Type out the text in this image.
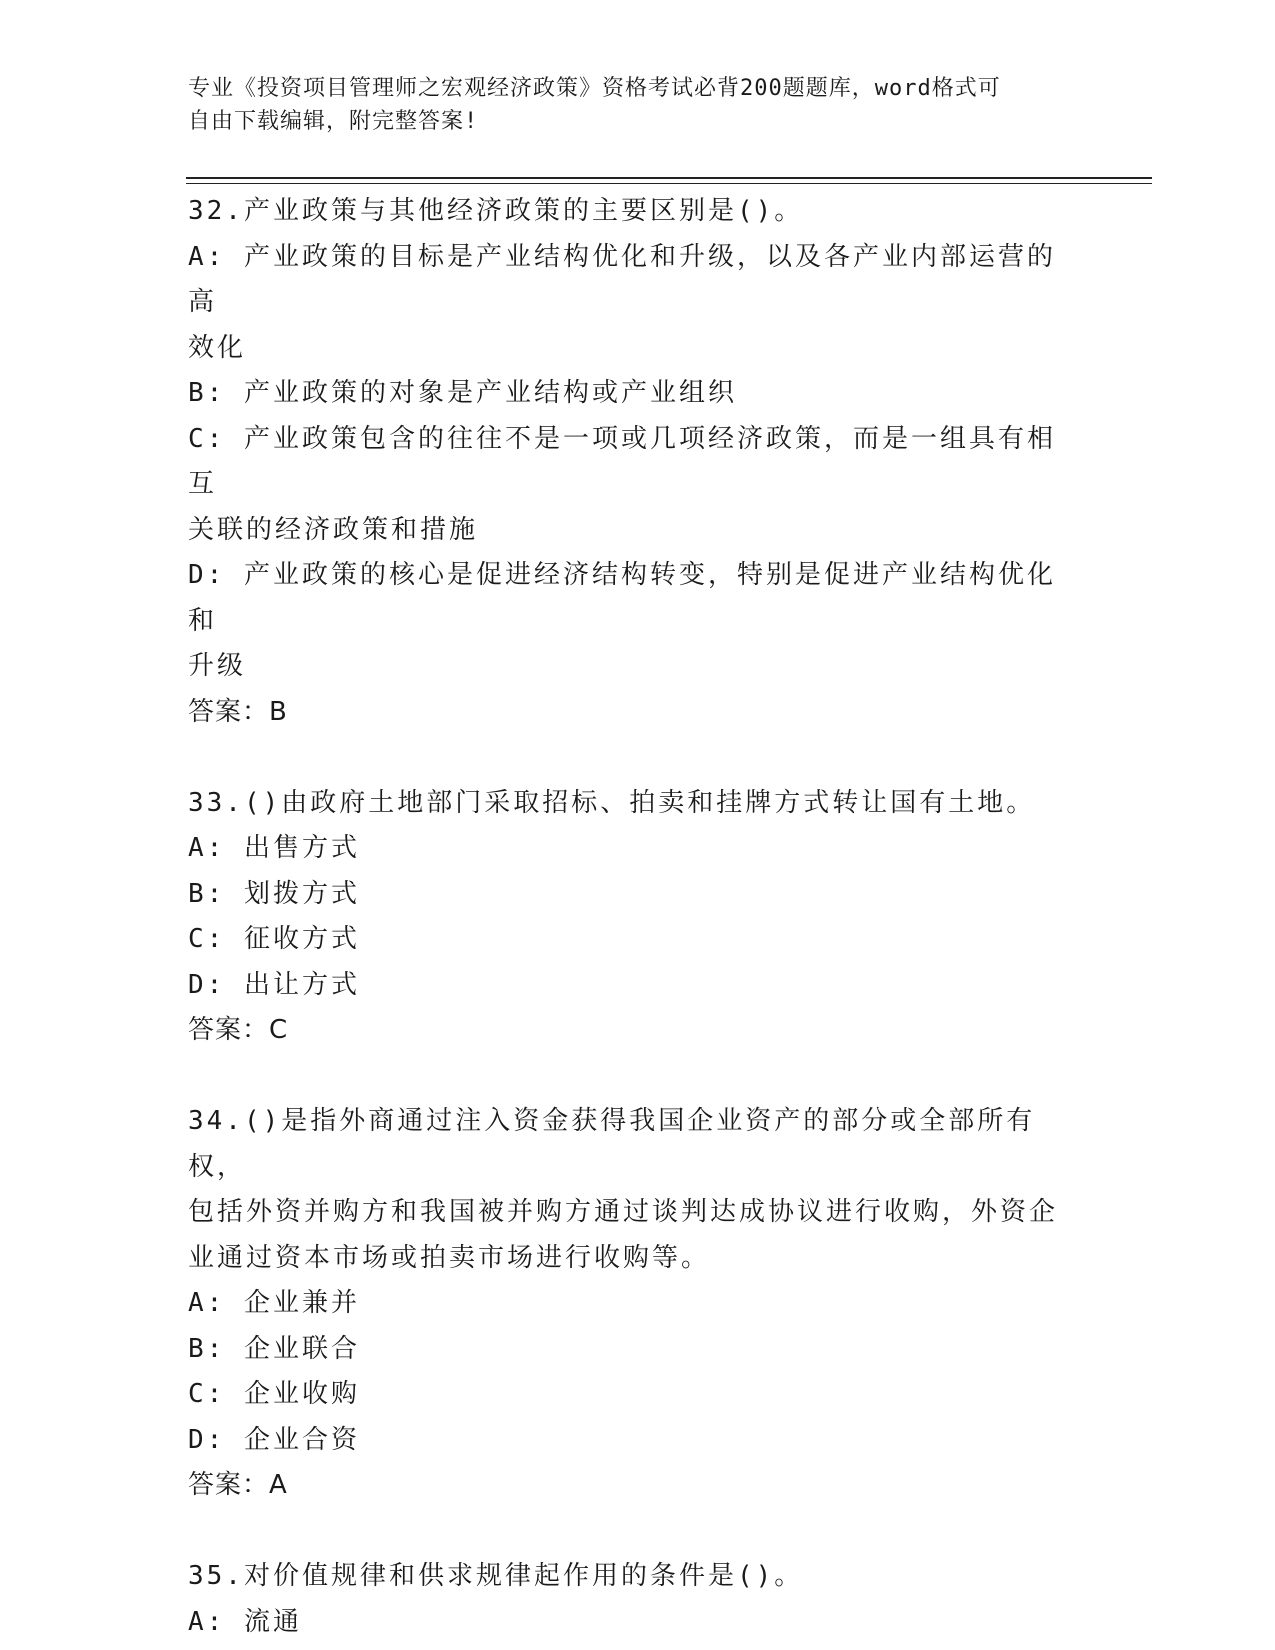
专业《投资项目管理师之宏观经济政策》资格考试必背200题题库，word格式可
自由下载编辑，附完整答案!
32.产业政策与其他经济政策的主要区别是()。
A: 产业政策的目标是产业结构优化和升级，以及各产业内部运营的高
效化
B: 产业政策的对象是产业结构或产业组织
C: 产业政策包含的往往不是一项或几项经济政策，而是一组具有相互
关联的经济政策和措施
D: 产业政策的核心是促进经济结构转变，特别是促进产业结构优化和
升级
答案：B
33.()由政府土地部门采取招标、拍卖和挂牌方式转让国有土地。
A: 出售方式
B: 划拨方式
C: 征收方式
D: 出让方式
答案：C
34.()是指外商通过注入资金获得我国企业资产的部分或全部所有权，
包括外资并购方和我国被并购方通过谈判达成协议进行收购，外资企
业通过资本市场或拍卖市场进行收购等。
A: 企业兼并
B: 企业联合
C: 企业收购
D: 企业合资
答案：A
35.对价值规律和供求规律起作用的条件是()。
A: 流通
